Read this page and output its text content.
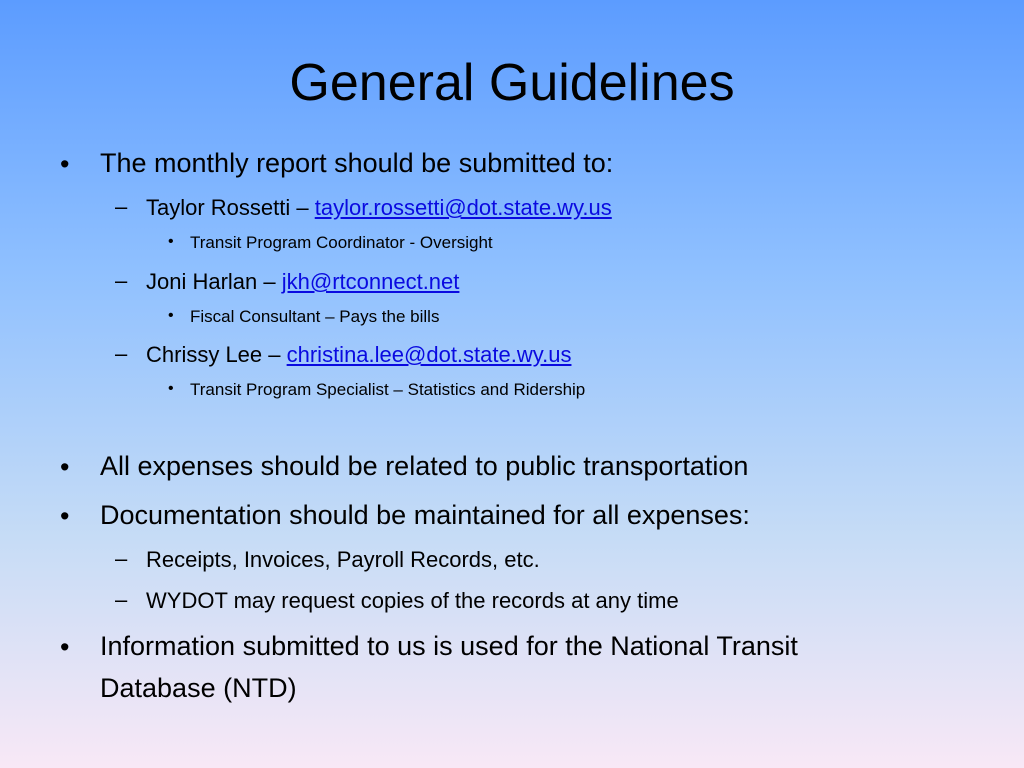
General Guidelines
• The monthly report should be submitted to:
– Taylor Rossetti – taylor.rossetti@dot.state.wy.us
• Transit Program Coordinator - Oversight
– Joni Harlan – jkh@rtconnect.net
• Fiscal Consultant – Pays the bills
– Chrissy Lee – christina.lee@dot.state.wy.us
• Transit Program Specialist – Statistics and Ridership
• All expenses should be related to public transportation
• Documentation should be maintained for all expenses:
– Receipts, Invoices, Payroll Records, etc.
– WYDOT may request copies of the records at any time
• Information submitted to us is used for the National Transit
Database (NTD)
